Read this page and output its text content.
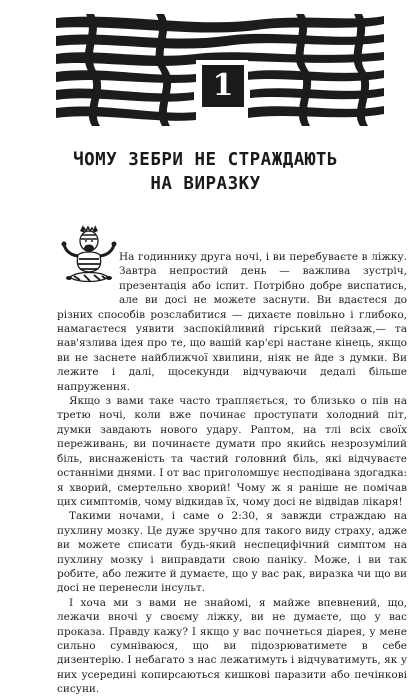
1
ЧОМУ ЗЕБРИ НЕ СТРАЖДАЮТЬ
НА ВИРАЗКУ

На годинникy друга ночі, і ви перебуваєте в ліжку. Завтра непростий день — важлива зустріч, презентація або іспит. Потрібно добре виспатись, але ви досі не можете заснути. Ви вдаєтеся до різних способів розслабитися — дихаєте повільно і глибоко, намагаєтеся уявити заспокійливий гірський пейзаж,— та нав'язлива ідея про те, що вашій кар'єрі настане кінець, якщо ви не заснете найближчої хвилини, ніяк не йде з думки. Ви лежите і далі, щосекунди відчуваючи дедалі більше напруження.

Якщо з вами таке часто трапляється, то близько о пів на третю ночі, коли вже починає проступати холодний піт, думки завдають нового удару. Раптом, на тлі всіх своїх переживань, ви починаєте думати про якийсь незрозумілий біль, виснаженість та частий головний біль, які відчуваєте останніми днями. І от вас приголомшує несподівана здогадка: я хворий, смертельно хворий! Чому ж я раніше не помічав цих симптомів, чому відкидав їх, чому досі не відвідав лікаря!

Такими ночами, і саме о 2:30, я завжди страждаю на пухлину мозку. Це дуже зручно для такого виду страху, адже ви можете списати будь-який неспецифічний симптом на пухлину мозку і виправдати свою паніку. Може, і ви так робите, або лежите й думаєте, що у вас рак, виразка чи що ви досі не перенесли інсульт.

І хоча ми з вами не знайомі, я майже впевнений, що, лежачи вночі у своєму ліжку, ви не думаєте, що у вас проказа. Правду кажу? І якщо у вас почнеться діарея, у мене сильно сумніваюся, що ви підозрюватимете в себе дизентерію. І небагато з нас лежатимуть і відчуватимуть, як у них усередині копирсаються кишкові паразити або печінкові сисуни.
